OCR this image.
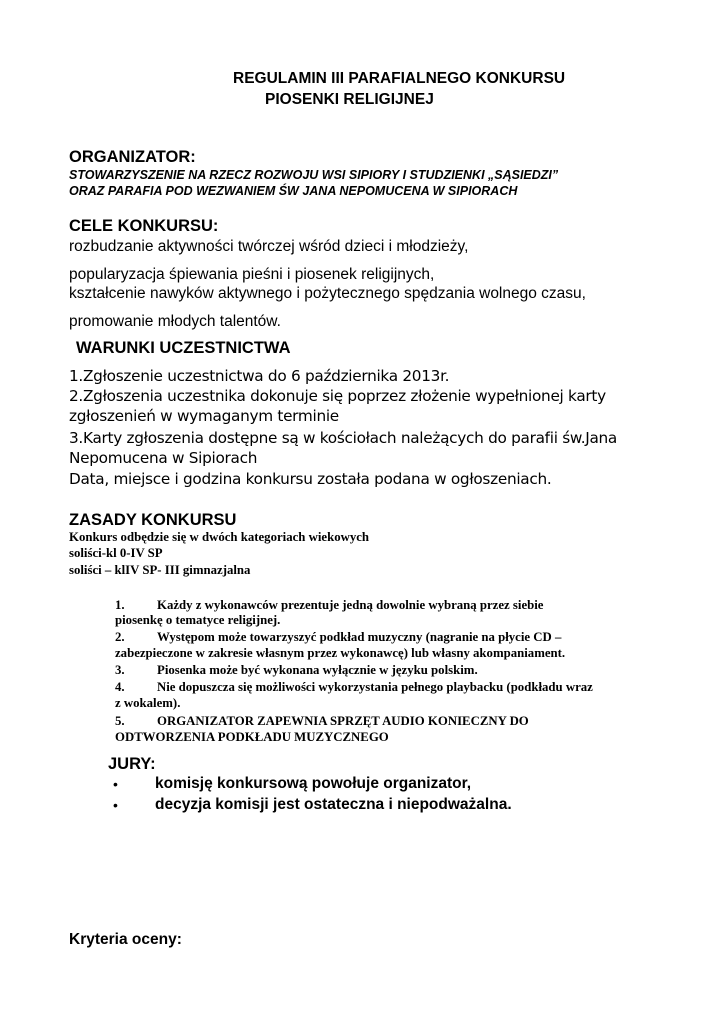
REGULAMIN III PARAFIALNEGO KONKURSU
PIOSENKI RELIGIJNEJ
ORGANIZATOR:
STOWARZYSZENIE NA RZECZ ROZWOJU WSI SIPIORY I STUDZIENKI „SĄSIEDZI”
ORAZ PARAFIA POD WEZWANIEM ŚW JANA NEPOMUCENA W SIPIORACH
CELE KONKURSU:
rozbudzanie aktywności twórczej wśród dzieci i młodzieży,
popularyzacja śpiewania pieśni i piosenek religijnych,
kształcenie nawyków aktywnego i pożytecznego spędzania wolnego czasu,
promowanie młodych talentów.
WARUNKI UCZESTNICTWA
1.Zgłoszenie uczestnictwa do 6 października 2013r.
2.Zgłoszenia uczestnika dokonuje się poprzez złożenie wypełnionej karty
zgłoszenień w wymaganym terminie
3.Karty zgłoszenia dostępne są w kościołach należących do parafii św.Jana
Nepomucena w Sipiorach
Data, miejsce i godzina konkursu została podana w ogłoszeniach.
ZASADY KONKURSU
Konkurs odbędzie się w dwóch kategoriach wiekowych
soliści-kl 0-IV SP
soliści – klIV SP- III gimnazjalna
1.	Każdy z wykonawców prezentuje jedną dowolnie wybraną przez siebie
piosenkę o tematyce religijnej.
2.	Występom może towarzyszyć podkład muzyczny (nagranie na płycie CD –
zabezpieczone w zakresie własnym przez wykonawcę) lub własny akompaniament.
3.	Piosenka może być wykonana wyłącznie w języku polskim.
4.	Nie dopuszcza się możliwości wykorzystania pełnego playbacku (podkładu wraz
z wokalem).
5.	ORGANIZATOR ZAPEWNIA SPRZĘT AUDIO KONIECZNY DO
ODTWORZENIA PODKŁADU MUZYCZNEGO
JURY:
• komisję konkursową powołuje organizator,
• decyzja komisji jest ostateczna i niepodważalna.
Kryteria oceny:
